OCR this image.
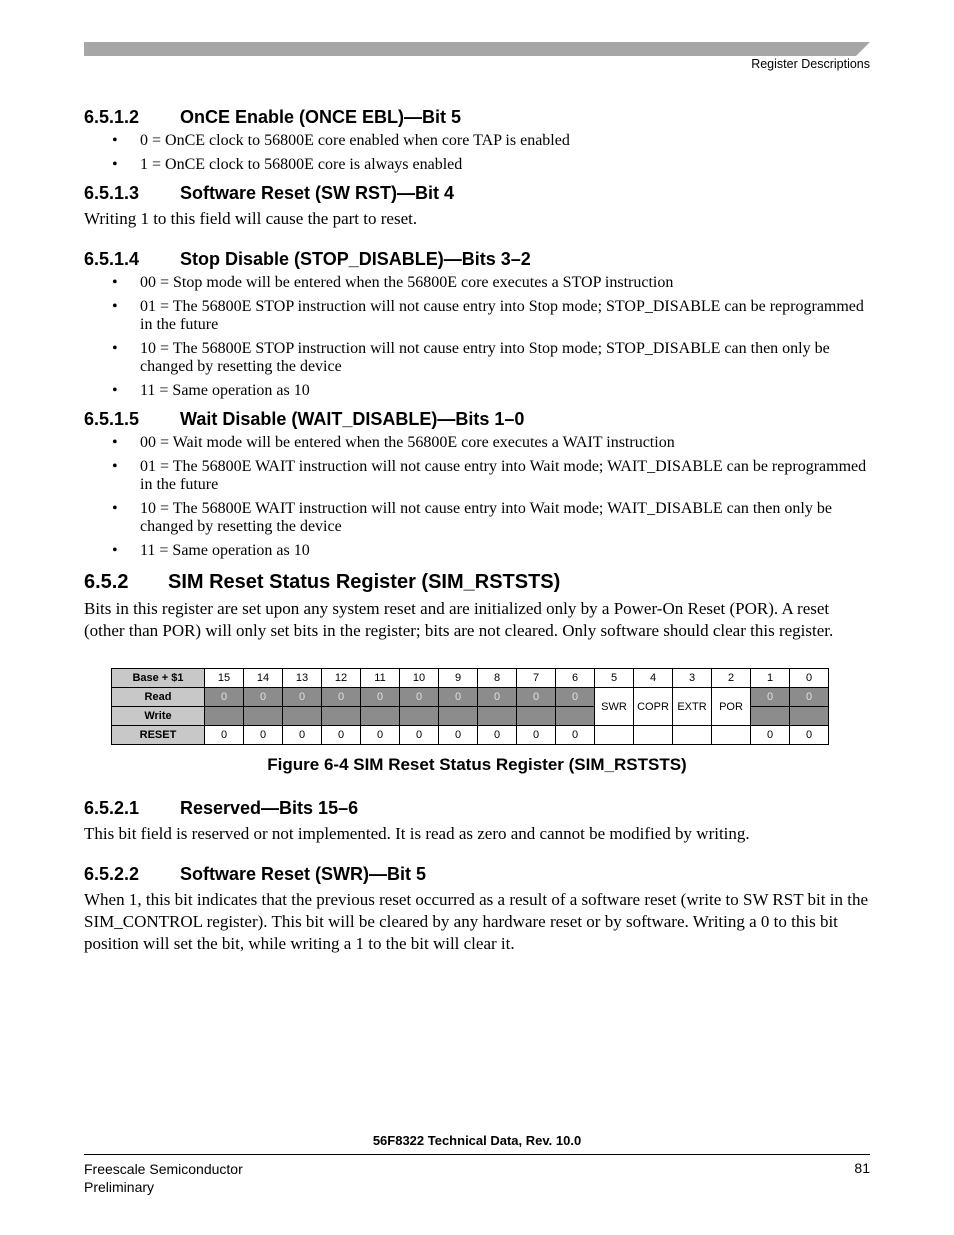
Register Descriptions
6.5.1.2 OnCE Enable (ONCE EBL)—Bit 5
• 0 = OnCE clock to 56800E core enabled when core TAP is enabled
• 1 = OnCE clock to 56800E core is always enabled
6.5.1.3 Software Reset (SW RST)—Bit 4

Writing 1 to this field will cause the part to reset.

6.5.1.4 Stop Disable (STOP_DISABLE)—Bits 3–2
• 00 = Stop mode will be entered when the 56800E core executes a STOP instruction
• 01 = The 56800E STOP instruction will not cause entry into Stop mode; STOP_DISABLE can be reprogrammed in the future
• 10 = The 56800E STOP instruction will not cause entry into Stop mode; STOP_DISABLE can then only be changed by resetting the device
• 11 = Same operation as 10
6.5.1.5 Wait Disable (WAIT_DISABLE)—Bits 1–0
• 00 = Wait mode will be entered when the 56800E core executes a WAIT instruction
• 01 = The 56800E WAIT instruction will not cause entry into Wait mode; WAIT_DISABLE can be reprogrammed in the future
• 10 = The 56800E WAIT instruction will not cause entry into Wait mode; WAIT_DISABLE can then only be changed by resetting the device
• 11 = Same operation as 10
6.5.2 SIM Reset Status Register (SIM_RSTSTS)

Bits in this register are set upon any system reset and are initialized only by a Power-On Reset (POR). A reset (other than POR) will only set bits in the register; bits are not cleared. Only software should clear this register.

Base + $1	15	14	13	12	11	10	9	8	7	6	5	4	3	2	1	0
Read	0	0	0	0	0	0	0	0	0	0	SWR	COPR	EXTR	POR	0	0
Write																
RESET	0	0	0	0	0	0	0	0	0	0					0	0
Figure 6-4 SIM Reset Status Register (SIM_RSTSTS)
6.5.2.1 Reserved—Bits 15–6

This bit field is reserved or not implemented. It is read as zero and cannot be modified by writing.

6.5.2.2 Software Reset (SWR)—Bit 5

When 1, this bit indicates that the previous reset occurred as a result of a software reset (write to SW RST bit in the SIM_CONTROL register). This bit will be cleared by any hardware reset or by software. Writing a 0 to this bit position will set the bit, while writing a 1 to the bit will clear it.

56F8322 Technical Data, Rev. 10.0
Freescale Semiconductor
Preliminary
81
